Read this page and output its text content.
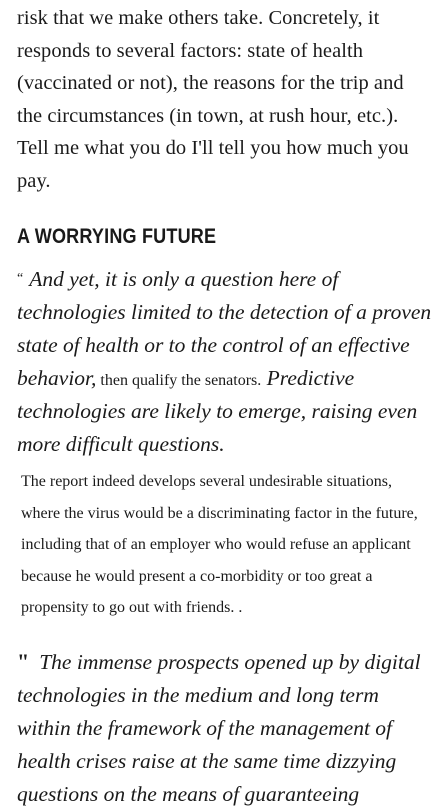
risk that we make others take. Concretely, it responds to several factors: state of health (vaccinated or not), the reasons for the trip and the circumstances (in town, at rush hour, etc.). Tell me what you do I'll tell you how much you pay.

A WORRYING FUTURE

“ And yet, it is only a question here of technologies limited to the detection of a proven state of health or to the control of an effective behavior, then qualify the senators. Predictive technologies are likely to emerge, raising even more difficult questions.

The report indeed develops several undesirable situations, where the virus would be a discriminating factor in the future, including that of an employer who would refuse an applicant because he would present a co-morbidity or too great a propensity to go out with friends. .

" The immense prospects opened up by digital technologies in the medium and long term within the framework of the management of health crises raise at the same time dizzying questions on the means of guaranteeing
